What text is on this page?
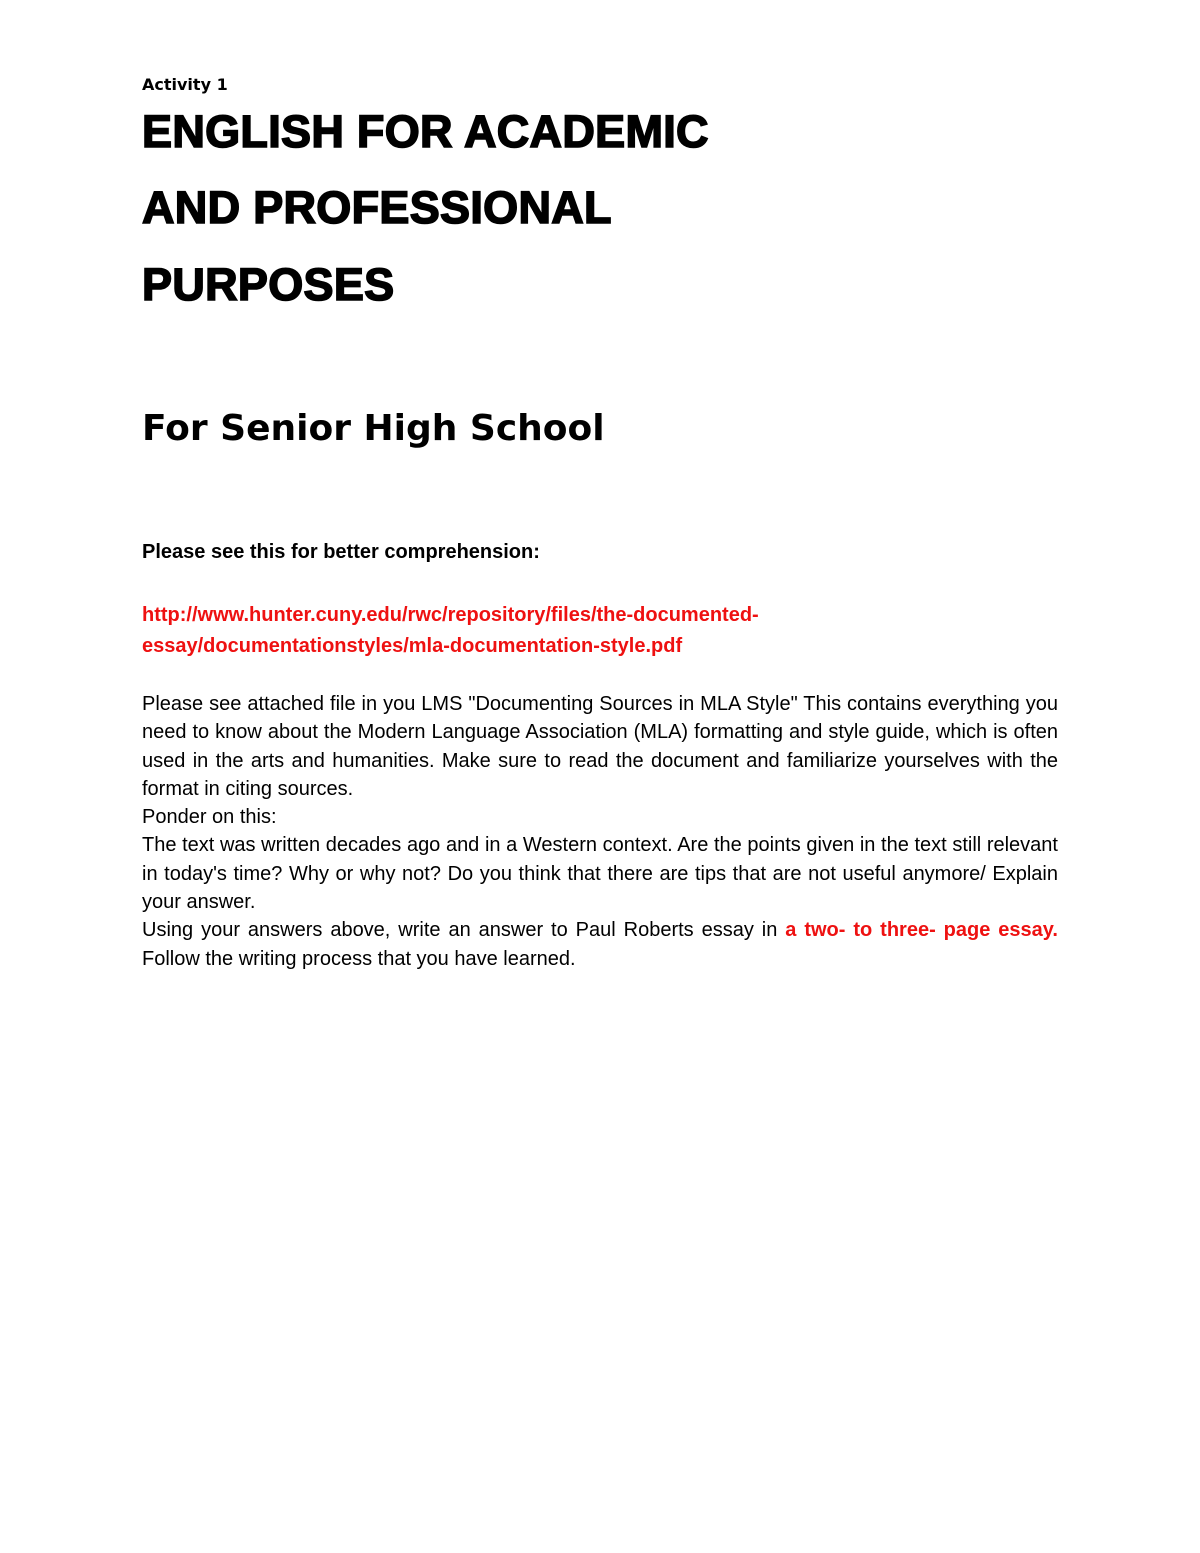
Activity 1
ENGLISH FOR ACADEMIC
AND PROFESSIONAL
PURPOSES
For Senior High School
Please see this for better comprehension:
http://www.hunter.cuny.edu/rwc/repository/files/the-documented-
essay/documentationstyles/mla-documentation-style.pdf

Please see attached file in you LMS "Documenting Sources in MLA Style" This contains everything you need to know about the Modern Language Association (MLA) formatting and style guide, which is often used in the arts and humanities. Make sure to read the document and familiarize yourselves with the format in citing sources.

Ponder on this:

The text was written decades ago and in a Western context. Are the points given in the text still relevant in today's time? Why or why not? Do you think that there are tips that are not useful anymore/ Explain your answer.

Using your answers above, write an answer to Paul Roberts essay in a two- to three- page essay. Follow the writing process that you have learned.
